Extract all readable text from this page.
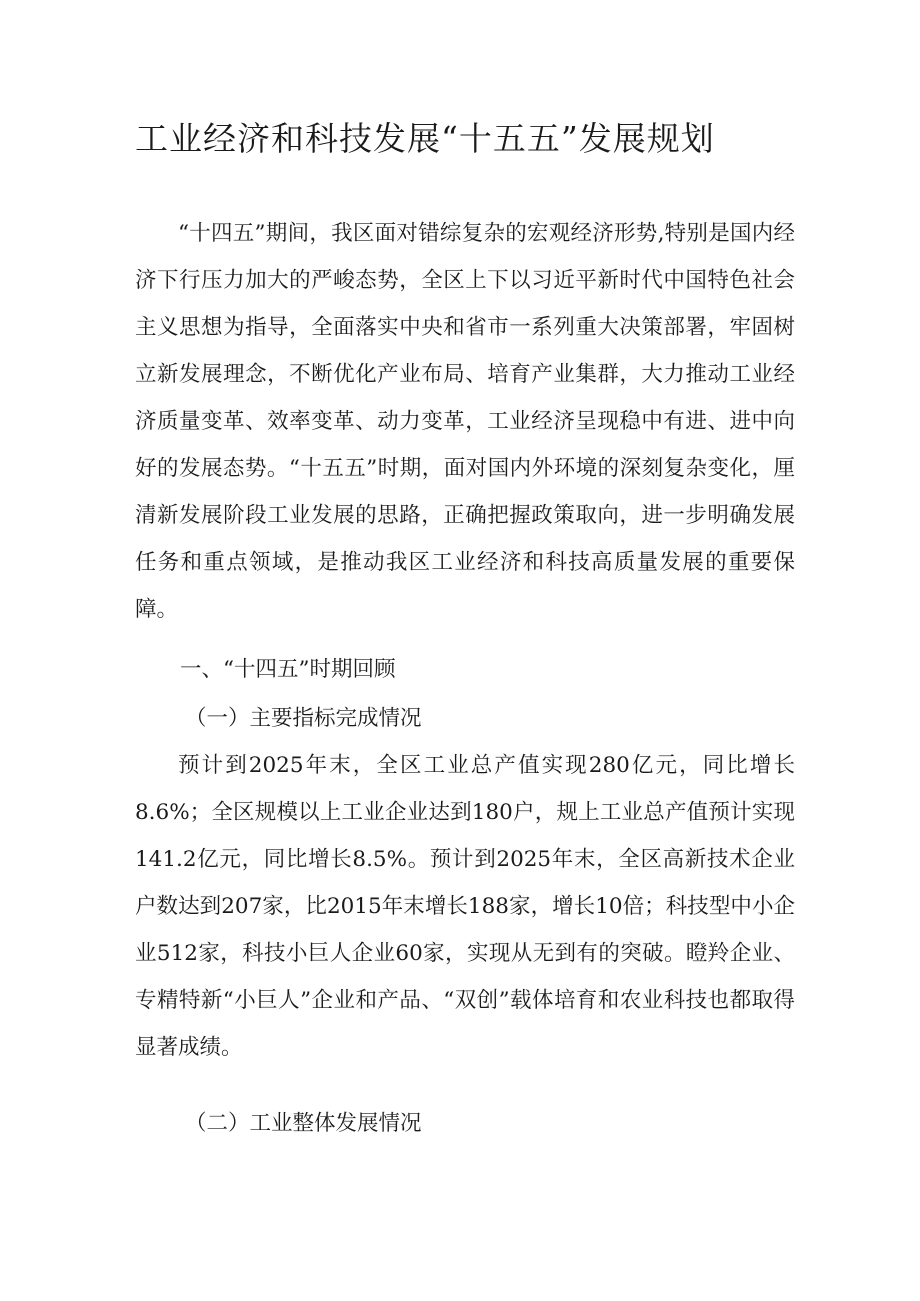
工业经济和科技发展“十五五”发展规划

“十四五”期间，我区面对错综复杂的宏观经济形势,特别是国内经济下行压力加大的严峻态势，全区上下以习近平新时代中国特色社会主义思想为指导，全面落实中央和省市一系列重大决策部署，牢固树立新发展理念，不断优化产业布局、培育产业集群，大力推动工业经济质量变革、效率变革、动力变革，工业经济呈现稳中有进、进中向好的发展态势。“十五五”时期，面对国内外环境的深刻复杂变化，厘清新发展阶段工业发展的思路，正确把握政策取向，进一步明确发展任务和重点领域，是推动我区工业经济和科技高质量发展的重要保障。

一、“十四五”时期回顾
（一）主要指标完成情况

预计到2025年末，全区工业总产值实现280亿元，同比增长8.6%；全区规模以上工业企业达到180户，规上工业总产值预计实现141.2亿元，同比增长8.5%。预计到2025年末，全区高新技术企业户数达到207家，比2015年末增长188家，增长10倍；科技型中小企业512家，科技小巨人企业60家，实现从无到有的突破。瞪羚企业、专精特新“小巨人”企业和产品、“双创”载体培育和农业科技也都取得显著成绩。

（二）工业整体发展情况
